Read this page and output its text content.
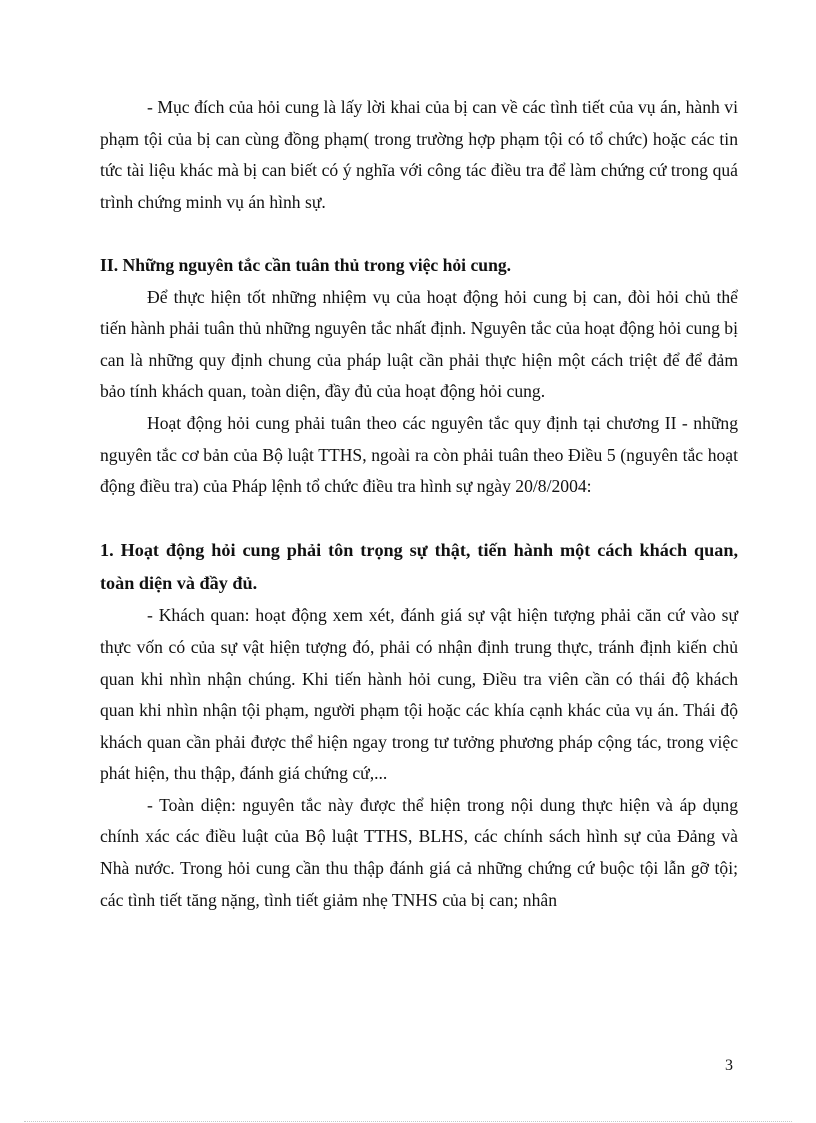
- Mục đích của hỏi cung là lấy lời khai của bị can về các tình tiết của vụ án, hành vi phạm tội của bị can cùng đồng phạm( trong trường hợp phạm tội có tổ chức) hoặc các tin tức tài liệu khác mà bị can biết có ý nghĩa với công tác điều tra để làm chứng cứ trong quá trình chứng minh vụ án hình sự.

II. Những nguyên tắc cần tuân thủ trong việc hỏi cung.

Để thực hiện tốt những nhiệm vụ của hoạt động hỏi cung bị can, đòi hỏi chủ thể tiến hành phải tuân thủ những nguyên tắc nhất định. Nguyên tắc của hoạt động hỏi cung bị can là những quy định chung của pháp luật cần phải thực hiện một cách triệt để để đảm bảo tính khách quan, toàn diện, đầy đủ của hoạt động hỏi cung.

Hoạt động hỏi cung phải tuân theo các nguyên tắc quy định tại chương II - những nguyên tắc cơ bản của Bộ luật TTHS, ngoài ra còn phải tuân theo Điều 5 (nguyên tắc hoạt động điều tra) của Pháp lệnh tổ chức điều tra hình sự ngày 20/8/2004:

1. Hoạt động hỏi cung phải tôn trọng sự thật, tiến hành một cách khách quan, toàn diện và đầy đủ.

- Khách quan: hoạt động xem xét, đánh giá sự vật hiện tượng phải căn cứ vào sự thực vốn có của sự vật hiện tượng đó, phải có nhận định trung thực, tránh định kiến chủ quan khi nhìn nhận chúng. Khi tiến hành hỏi cung, Điều tra viên cần có thái độ khách quan khi nhìn nhận tội phạm, người phạm tội hoặc các khía cạnh khác của vụ án. Thái độ khách quan cần phải được thể hiện ngay trong tư tưởng phương pháp cộng tác, trong việc phát hiện, thu thập, đánh giá chứng cứ,...

- Toàn diện: nguyên tắc này được thể hiện trong nội dung thực hiện và áp dụng chính xác các điều luật của Bộ luật TTHS, BLHS, các chính sách hình sự của Đảng và Nhà nước. Trong hỏi cung cần thu thập đánh giá cả những chứng cứ buộc tội lẫn gỡ tội; các tình tiết tăng nặng, tình tiết giảm nhẹ TNHS của bị can; nhân

3
